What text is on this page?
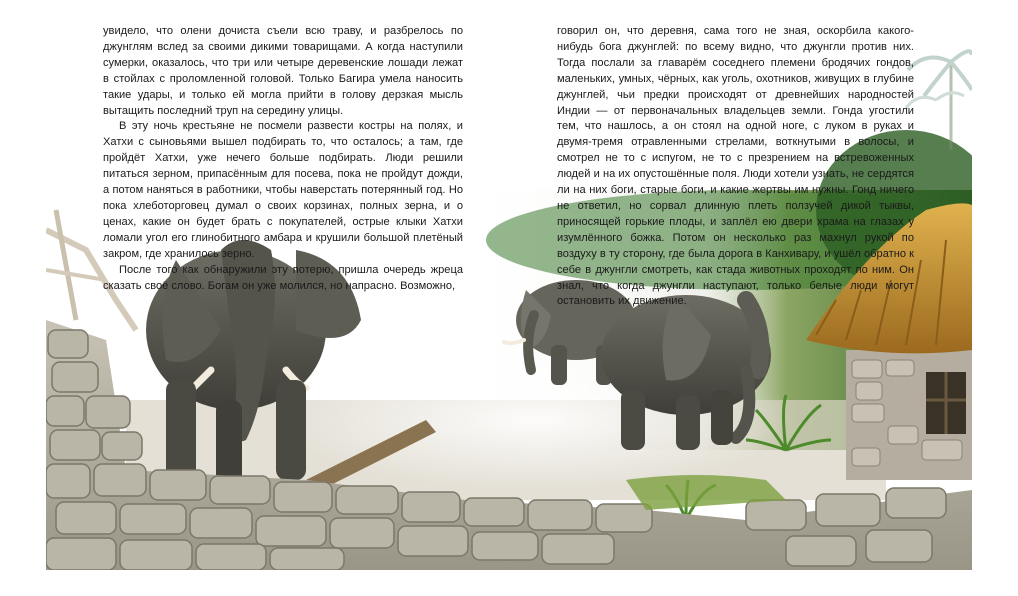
увидело, что олени дочиста съели всю траву, и разбрелось по джунглям вслед за своими дикими товарищами. А когда наступили сумерки, оказалось, что три или четыре деревенские лошади лежат в стойлах с проломленной головой. Только Багира умела наносить такие удары, и только ей могла прийти в голову дерзкая мысль вытащить последний труп на середину улицы.

В эту ночь крестьяне не посмели развести костры на полях, и Хатхи с сыновьями вышел подбирать то, что осталось; а там, где пройдёт Хатхи, уже нечего больше подбирать. Люди решили питаться зерном, припасённым для посева, пока не пройдут дожди, а потом наняться в работники, чтобы наверстать потерянный год. Но пока хлеботорговец думал о своих корзинах, полных зерна, и о ценах, какие он будет брать с покупателей, острые клыки Хатхи ломали угол его глинобитного амбара и крушили большой плетёный закром, где хранилось зерно.

После того как обнаружили эту потерю, пришла очередь жреца сказать своё слово. Богам он уже молился, но напрасно. Возможно,

говорил он, что деревня, сама того не зная, оскорбила какого-нибудь бога джунглей: по всему видно, что джунгли против них. Тогда послали за главарём соседнего племени бродячих гондов, маленьких, умных, чёрных, как уголь, охотников, живущих в глубине джунглей, чьи предки происходят от древнейших народностей Индии — от первоначальных владельцев земли. Гонда угостили тем, что нашлось, а он стоял на одной ноге, с луком в руках и двумя-тремя отравленными стрелами, воткнутыми в волосы, и смотрел не то с испугом, не то с презрением на встревоженных людей и на их опустошённые поля. Люди хотели узнать, не сердятся ли на них боги, старые боги, и какие жертвы им нужны. Гонд ничего не ответил, но сорвал длинную плеть ползучей дикой тыквы, приносящей горькие плоды, и заплёл ею двери храма на глазах у изумлённого божка. Потом он несколько раз махнул рукой по воздуху в ту сторону, где была дорога в Канхивару, и ушёл обратно к себе в джунгли смотреть, как стада животных проходят по ним. Он знал, что когда джунгли наступают, только белые люди могут остановить их движение.
